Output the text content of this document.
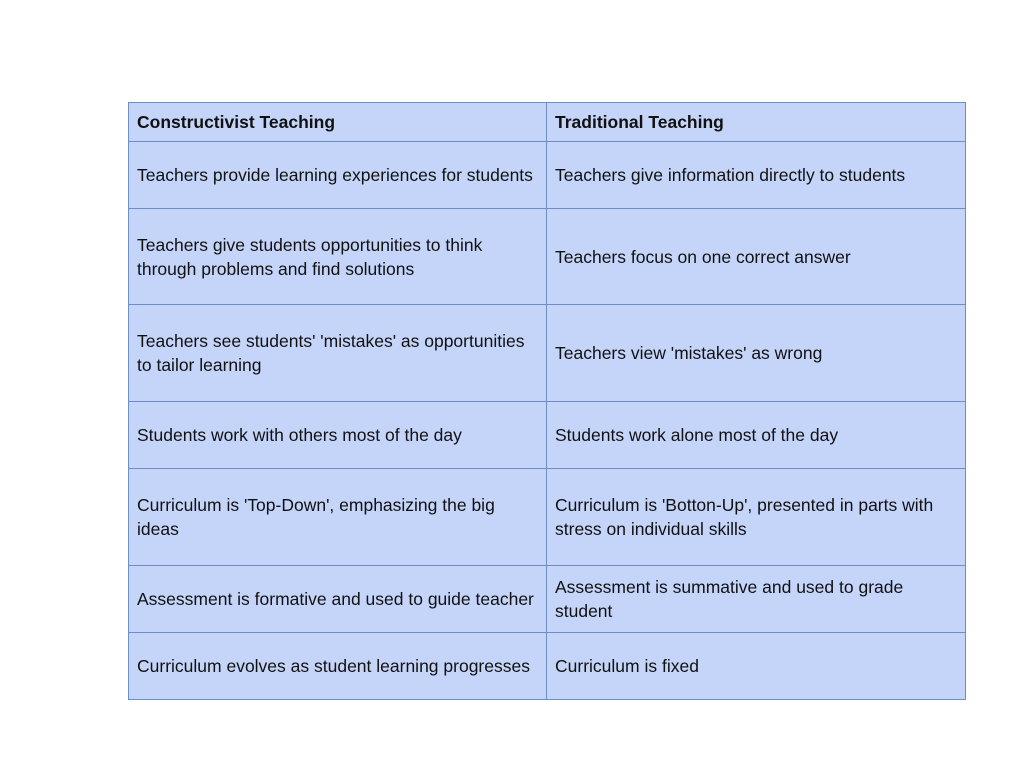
Constructivist Teaching	Traditional Teaching
Teachers provide learning experiences for students	Teachers give information directly to students
Teachers give students opportunities to think through problems and find solutions	Teachers focus on one correct answer
Teachers see students' 'mistakes' as opportunities to tailor learning	Teachers view 'mistakes' as wrong
Students work with others most of the day	Students work alone most of the day
Curriculum is 'Top-Down', emphasizing the big ideas	Curriculum is 'Botton-Up', presented in parts with stress on individual skills
Assessment is formative and used to guide teacher	Assessment is summative and used to grade student
Curriculum evolves as student learning progresses	Curriculum is fixed
